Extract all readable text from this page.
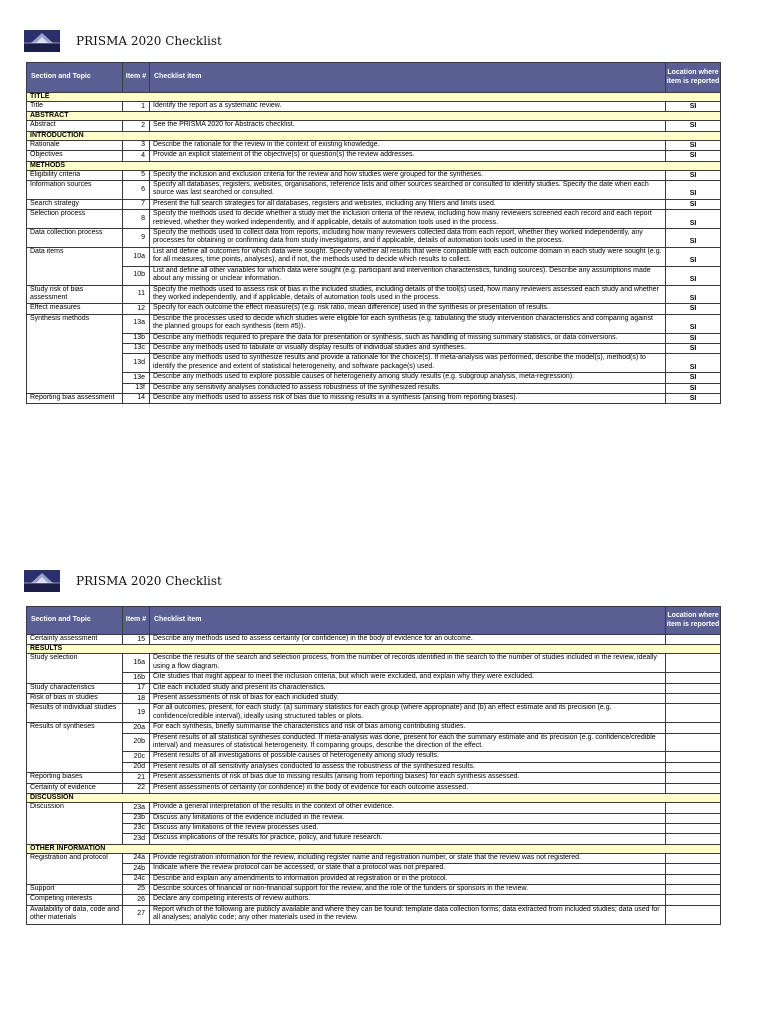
PRISMA 2020 Checklist
Section and Topic	Item #	Checklist item	Location where item is reported
TITLE			
Title	1	Identify the report as a systematic review.	SI
ABSTRACT			
Abstract	2	See the PRISMA 2020 for Abstracts checklist.	SI
INTRODUCTION			
Rationale	3	Describe the rationale for the review in the context of existing knowledge.	SI
Objectives	4	Provide an explicit statement of the objective(s) or question(s) the review addresses.	SI
METHODS			
Eligibility criteria	5	Specify the inclusion and exclusion criteria for the review and how studies were grouped for the syntheses.	SI
Information sources	6	Specify all databases, registers, websites, organisations, reference lists and other sources searched or consulted to identify studies. Specify the date when each source was last searched or consulted.	SI
Search strategy	7	Present the full search strategies for all databases, registers and websites, including any filters and limits used.	SI
Selection process	8	Specify the methods used to decide whether a study met the inclusion criteria of the review, including how many reviewers screened each record and each report retrieved, whether they worked independently, and if applicable, details of automation tools used in the process.	SI
Data collection process	9	Specify the methods used to collect data from reports, including how many reviewers collected data from each report, whether they worked independently, any processes for obtaining or confirming data from study investigators, and if applicable, details of automation tools used in the process.	SI
Data items	10a	List and define all outcomes for which data were sought. Specify whether all results that were compatible with each outcome domain in each study were sought (e.g. for all measures, time points, analyses), and if not, the methods used to decide which results to collect.	SI
	10b	List and define all other variables for which data were sought (e.g. participant and intervention characteristics, funding sources). Describe any assumptions made about any missing or unclear information.	SI
Study risk of bias assessment	11	Specify the methods used to assess risk of bias in the included studies, including details of the tool(s) used, how many reviewers assessed each study and whether they worked independently, and if applicable, details of automation tools used in the process.	SI
Effect measures	12	Specify for each outcome the effect measure(s) (e.g. risk ratio, mean difference) used in the synthesis or presentation of results.	SI
Synthesis methods	13a	Describe the processes used to decide which studies were eligible for each synthesis (e.g. tabulating the study intervention characteristics and comparing against the planned groups for each synthesis (item #5)).	SI
	13b	Describe any methods required to prepare the data for presentation or synthesis, such as handling of missing summary statistics, or data conversions.	SI
	13c	Describe any methods used to tabulate or visually display results of individual studies and syntheses.	SI
	13d	Describe any methods used to synthesize results and provide a rationale for the choice(s). If meta-analysis was performed, describe the model(s), method(s) to identify the presence and extent of statistical heterogeneity, and software package(s) used.	SI
	13e	Describe any methods used to explore possible causes of heterogeneity among study results (e.g. subgroup analysis, meta-regression).	SI
	13f	Describe any sensitivity analyses conducted to assess robustness of the synthesized results.	SI
Reporting bias assessment	14	Describe any methods used to assess risk of bias due to missing results in a synthesis (arising from reporting biases).	SI
PRISMA 2020 Checklist
Section and Topic	Item #	Checklist item	Location where item is reported
Certainty assessment	15	Describe any methods used to assess certainty (or confidence) in the body of evidence for an outcome.	
RESULTS			
Study selection	16a	Describe the results of the search and selection process, from the number of records identified in the search to the number of studies included in the review, ideally using a flow diagram.	
	16b	Cite studies that might appear to meet the inclusion criteria, but which were excluded, and explain why they were excluded.	
Study characteristics	17	Cite each included study and present its characteristics.	
Risk of bias in studies	18	Present assessments of risk of bias for each included study.	
Results of individual studies	19	For all outcomes, present, for each study: (a) summary statistics for each group (where appropriate) and (b) an effect estimate and its precision (e.g. confidence/credible interval), ideally using structured tables or plots.	
Results of syntheses	20a	For each synthesis, briefly summarise the characteristics and risk of bias among contributing studies.	
	20b	Present results of all statistical syntheses conducted. If meta-analysis was done, present for each the summary estimate and its precision (e.g. confidence/credible interval) and measures of statistical heterogeneity. If comparing groups, describe the direction of the effect.	
	20c	Present results of all investigations of possible causes of heterogeneity among study results.	
	20d	Present results of all sensitivity analyses conducted to assess the robustness of the synthesized results.	
Reporting biases	21	Present assessments of risk of bias due to missing results (arising from reporting biases) for each synthesis assessed.	
Certainty of evidence	22	Present assessments of certainty (or confidence) in the body of evidence for each outcome assessed.	
DISCUSSION			
Discussion	23a	Provide a general interpretation of the results in the context of other evidence.	
	23b	Discuss any limitations of the evidence included in the review.	
	23c	Discuss any limitations of the review processes used.	
	23d	Discuss implications of the results for practice, policy, and future research.	
OTHER INFORMATION			
Registration and protocol	24a	Provide registration information for the review, including register name and registration number, or state that the review was not registered.	
	24b	Indicate where the review protocol can be accessed, or state that a protocol was not prepared.	
	24c	Describe and explain any amendments to information provided at registration or in the protocol.	
Support	25	Describe sources of financial or non-financial support for the review, and the role of the funders or sponsors in the review.	
Competing interests	26	Declare any competing interests of review authors.	
Availability of data, code and other materials	27	Report which of the following are publicly available and where they can be found: template data collection forms; data extracted from included studies; data used for all analyses; analytic code; any other materials used in the review.	
